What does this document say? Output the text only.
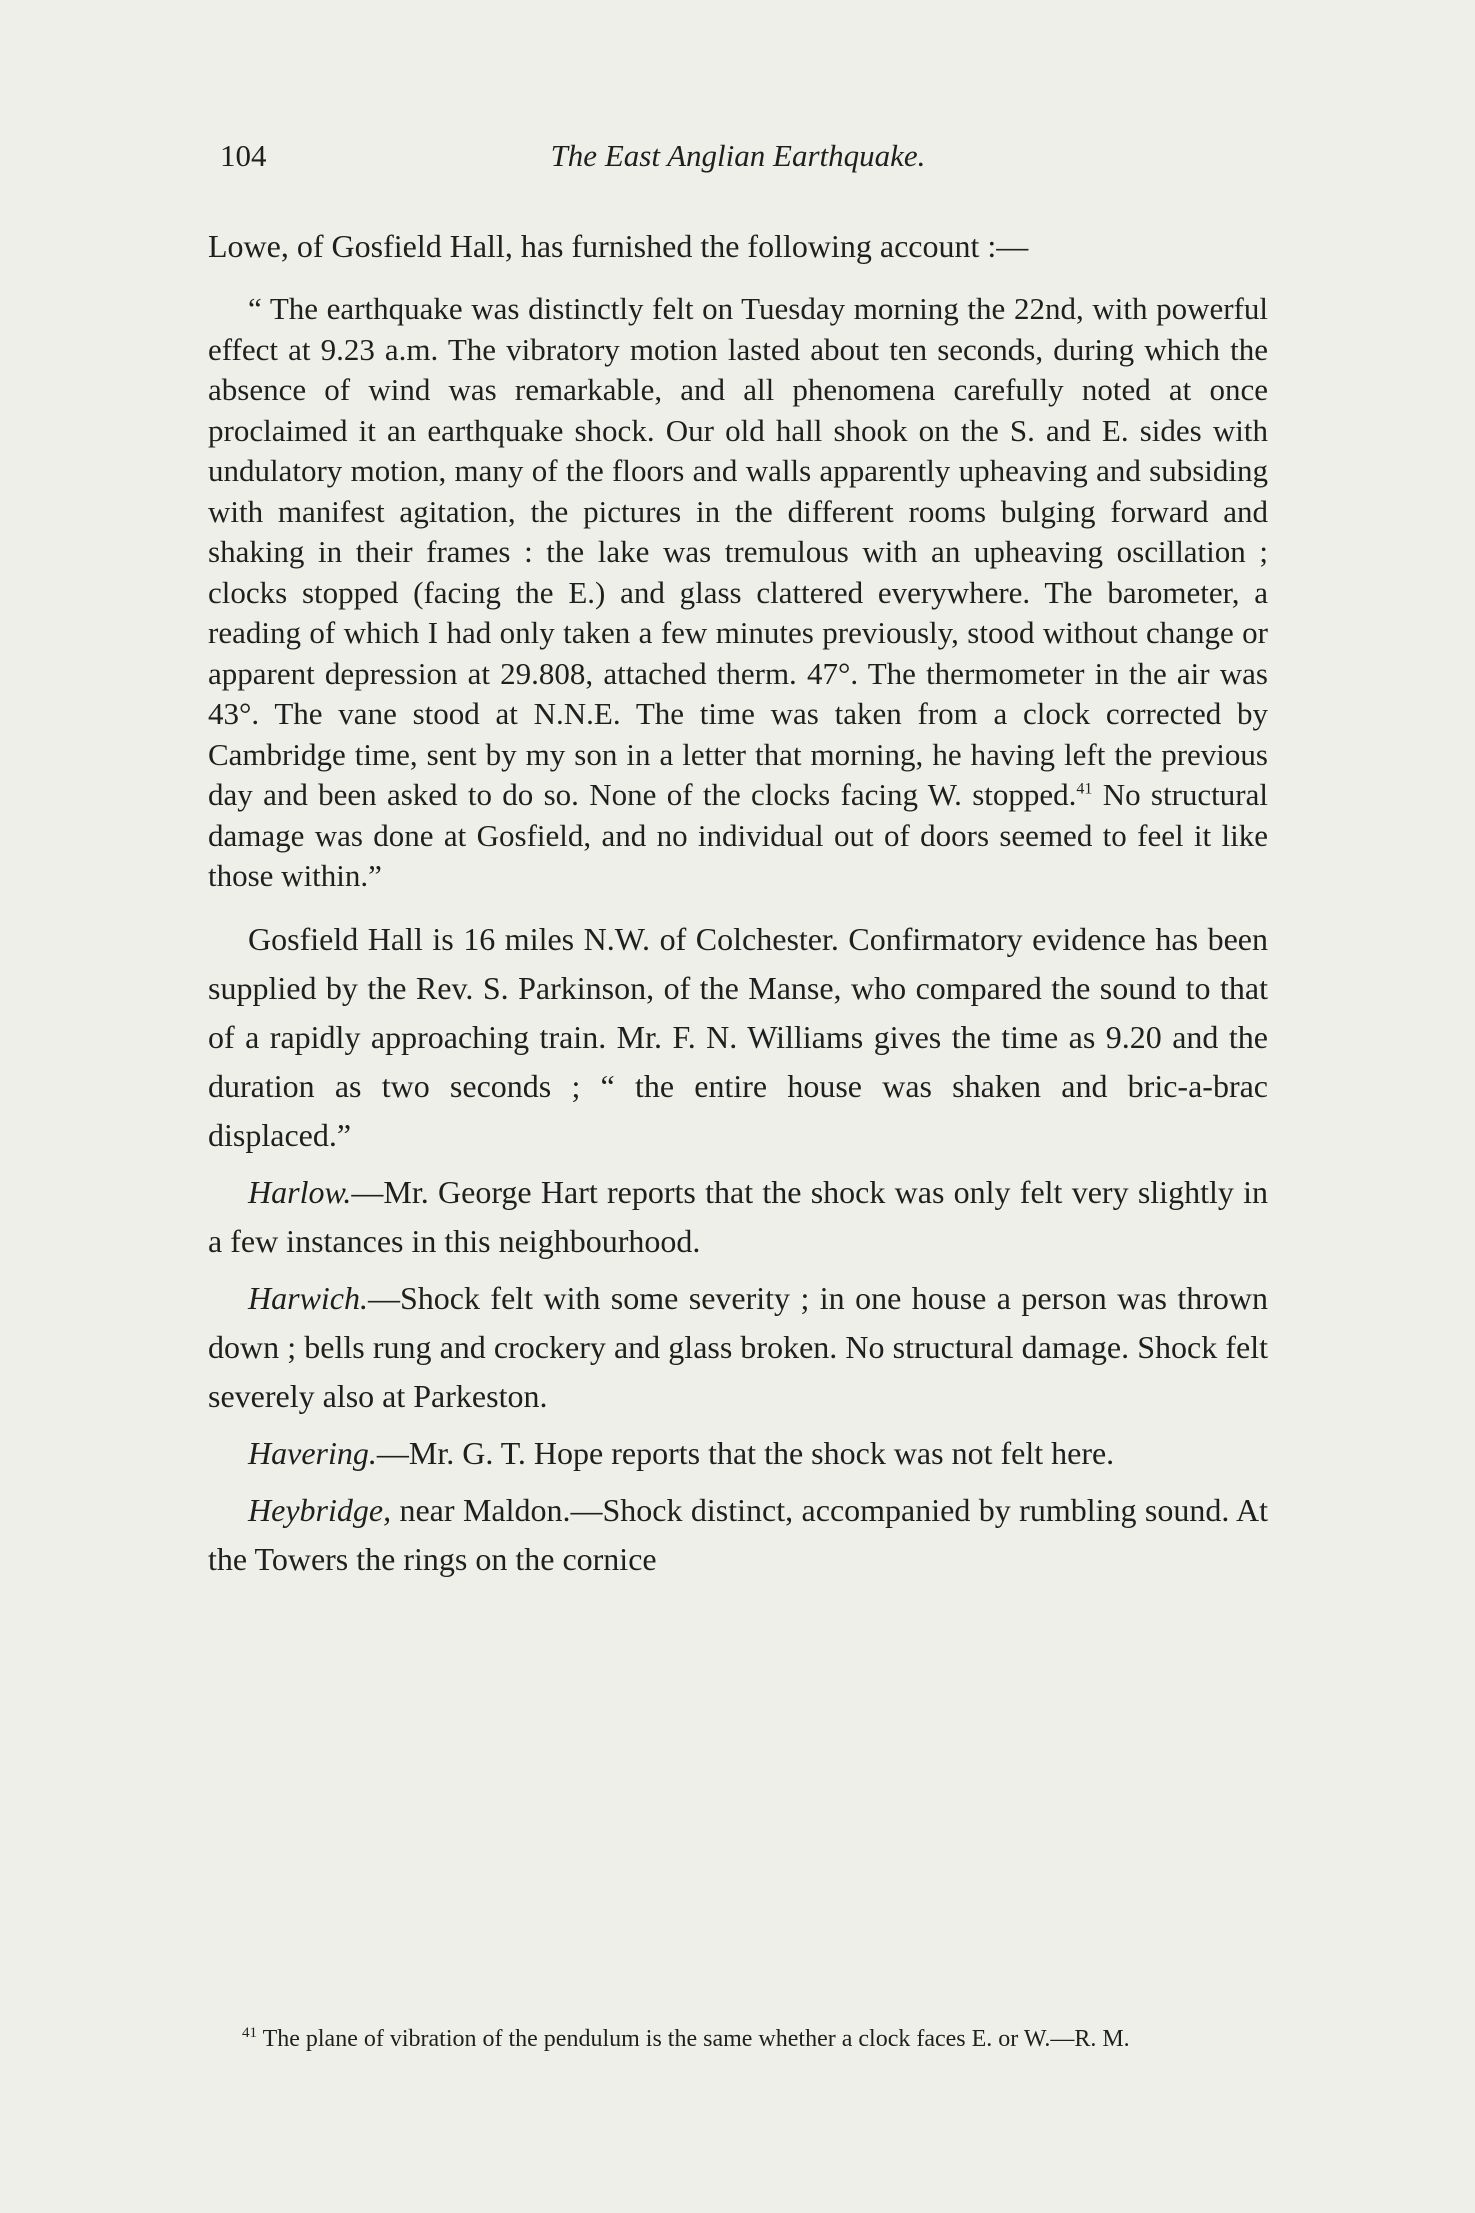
104	The East Anglian Earthquake.

Lowe, of Gosfield Hall, has furnished the following account :—

“ The earthquake was distinctly felt on Tuesday morning the 22nd, with powerful effect at 9.23 a.m. The vibratory motion lasted about ten seconds, during which the absence of wind was remarkable, and all phenomena carefully noted at once proclaimed it an earthquake shock. Our old hall shook on the S. and E. sides with undulatory motion, many of the floors and walls apparently upheaving and subsiding with manifest agitation, the pictures in the different rooms bulging forward and shaking in their frames : the lake was tremulous with an upheaving oscillation ; clocks stopped (facing the E.) and glass clattered everywhere. The barometer, a reading of which I had only taken a few minutes previously, stood without change or apparent depression at 29.808, attached therm. 47°. The thermometer in the air was 43°. The vane stood at N.N.E. The time was taken from a clock corrected by Cambridge time, sent by my son in a letter that morning, he having left the previous day and been asked to do so. None of the clocks facing W. stopped.$^{41}$ No structural damage was done at Gosfield, and no individual out of doors seemed to feel it like those within.”

Gosfield Hall is 16 miles N.W. of Colchester. Confirmatory evidence has been supplied by the Rev. S. Parkinson, of the Manse, who compared the sound to that of a rapidly approaching train. Mr. F. N. Williams gives the time as 9.20 and the duration as two seconds ; “ the entire house was shaken and bric-a-brac displaced.”

Harlow.—Mr. George Hart reports that the shock was only felt very slightly in a few instances in this neighbourhood.

Harwich.—Shock felt with some severity ; in one house a person was thrown down ; bells rung and crockery and glass broken. No structural damage. Shock felt severely also at Parkeston.

Havering.—Mr. G. T. Hope reports that the shock was not felt here.

Heybridge, near Maldon.—Shock distinct, accompanied by rumbling sound. At the Towers the rings on the cornice

$^{41}$ The plane of vibration of the pendulum is the same whether a clock faces E. or W.—R. M.
